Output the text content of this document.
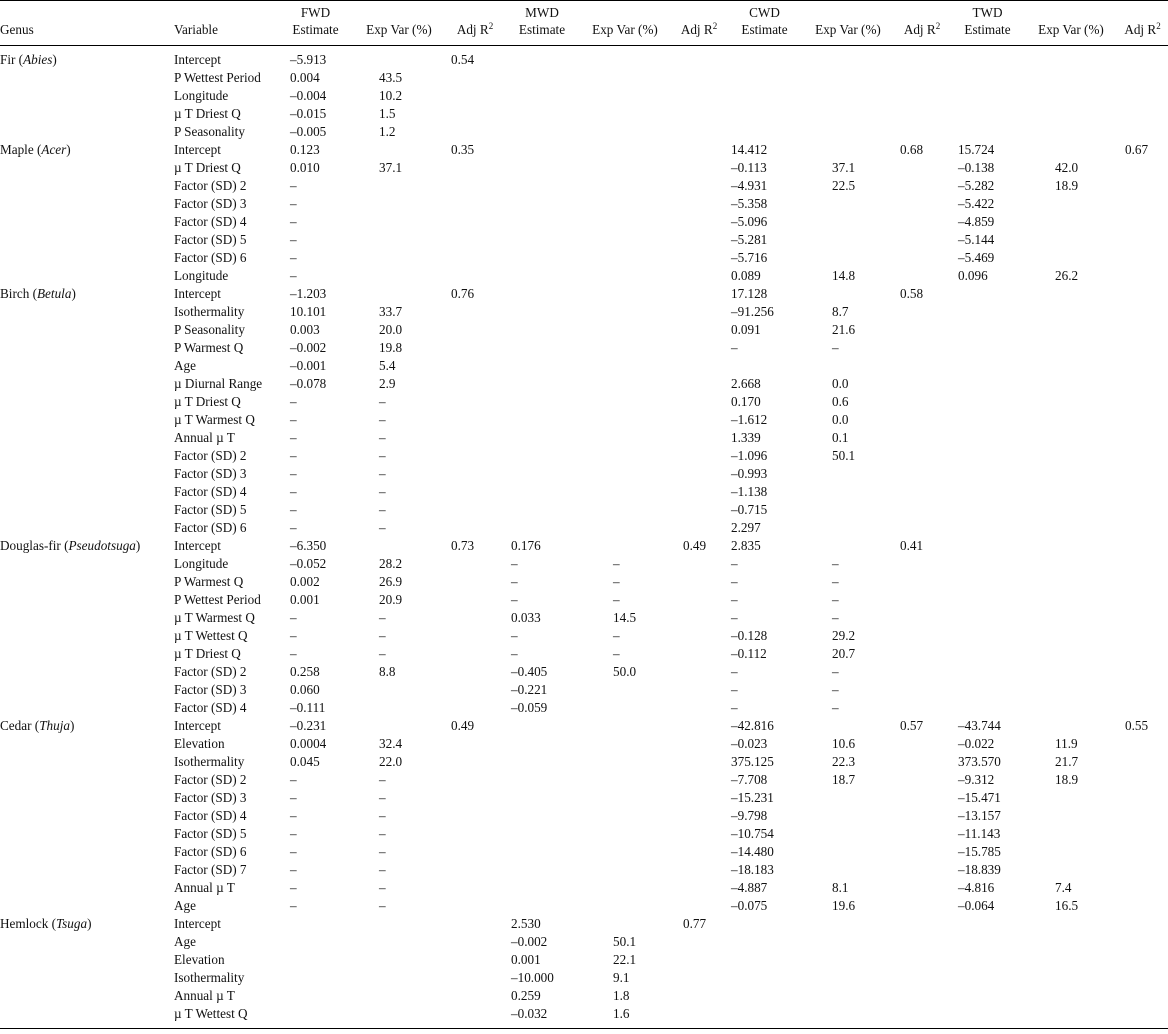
		FWD			MWD			CWD			TWD		
Genus	Variable	Estimate	Exp Var (%)	Adj $R^2$	Estimate	Exp Var (%)	Adj $R^2$	Estimate	Exp Var (%)	Adj $R^2$	Estimate	Exp Var (%)	Adj $R^2$
Fir (Abies)	Intercept	–5.913		0.54									
	P Wettest Period	0.004	43.5										
	Longitude	–0.004	10.2										
	µ T Driest Q	–0.015	1.5										
	P Seasonality	–0.005	1.2										
Maple (Acer)	Intercept	0.123		0.35				14.412		0.68	15.724		0.67
	µ T Driest Q	0.010	37.1					–0.113	37.1		–0.138	42.0	
	Factor (SD) 2	–						–4.931	22.5		–5.282	18.9	
	Factor (SD) 3	–						–5.358			–5.422		
	Factor (SD) 4	–						–5.096			–4.859		
	Factor (SD) 5	–						–5.281			–5.144		
	Factor (SD) 6	–						–5.716			–5.469		
	Longitude	–						0.089	14.8		0.096	26.2	
Birch (Betula)	Intercept	–1.203		0.76				17.128		0.58			
	Isothermality	10.101	33.7					–91.256	8.7				
	P Seasonality	0.003	20.0					0.091	21.6				
	P Warmest Q	–0.002	19.8					–	–				
	Age	–0.001	5.4										
	µ Diurnal Range	–0.078	2.9					2.668	0.0				
	µ T Driest Q	–	–					0.170	0.6				
	µ T Warmest Q	–	–					–1.612	0.0				
	Annual µ T	–	–					1.339	0.1				
	Factor (SD) 2	–	–					–1.096	50.1				
	Factor (SD) 3	–	–					–0.993					
	Factor (SD) 4	–	–					–1.138					
	Factor (SD) 5	–	–					–0.715					
	Factor (SD) 6	–	–					2.297					
Douglas-fir (Pseudotsuga)	Intercept	–6.350		0.73	0.176		0.49	2.835		0.41			
	Longitude	–0.052	28.2		–	–		–	–				
	P Warmest Q	0.002	26.9		–	–		–	–				
	P Wettest Period	0.001	20.9		–	–		–	–				
	µ T Warmest Q	–	–		0.033	14.5		–	–				
	µ T Wettest Q	–	–		–	–		–0.128	29.2				
	µ T Driest Q	–	–		–	–		–0.112	20.7				
	Factor (SD) 2	0.258	8.8		–0.405	50.0		–	–				
	Factor (SD) 3	0.060			–0.221			–	–				
	Factor (SD) 4	–0.111			–0.059			–	–				
Cedar (Thuja)	Intercept	–0.231		0.49				–42.816		0.57	–43.744		0.55
	Elevation	0.0004	32.4					–0.023	10.6		–0.022	11.9	
	Isothermality	0.045	22.0					375.125	22.3		373.570	21.7	
	Factor (SD) 2	–	–					–7.708	18.7		–9.312	18.9	
	Factor (SD) 3	–	–					–15.231			–15.471		
	Factor (SD) 4	–	–					–9.798			–13.157		
	Factor (SD) 5	–	–					–10.754			–11.143		
	Factor (SD) 6	–	–					–14.480			–15.785		
	Factor (SD) 7	–	–					–18.183			–18.839		
	Annual µ T	–	–					–4.887	8.1		–4.816	7.4	
	Age	–	–					–0.075	19.6		–0.064	16.5	
Hemlock (Tsuga)	Intercept				2.530		0.77						
	Age				–0.002	50.1							
	Elevation				0.001	22.1							
	Isothermality				–10.000	9.1							
	Annual µ T				0.259	1.8							
	µ T Wettest Q				–0.032	1.6							
